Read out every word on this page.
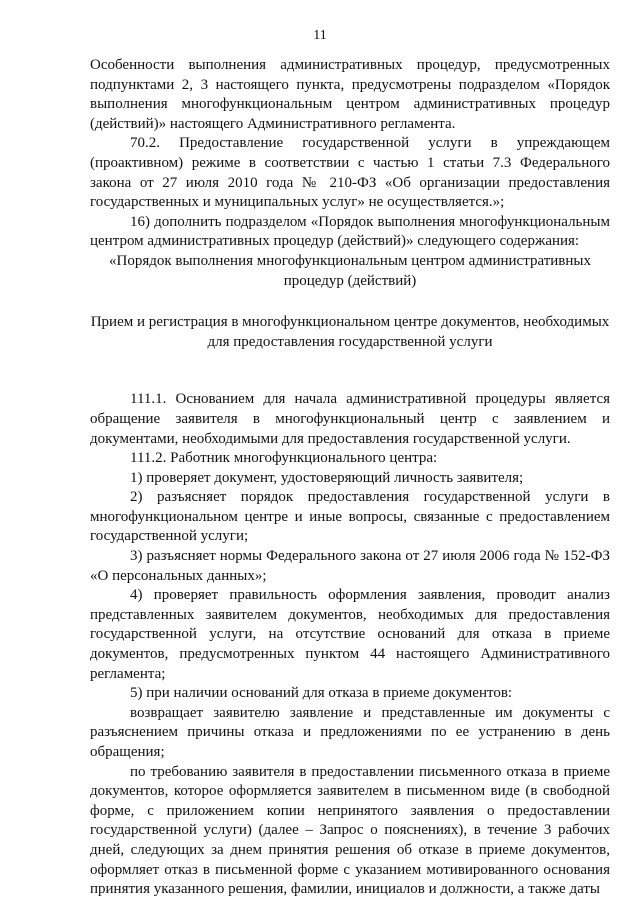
11

Особенности выполнения административных процедур, предусмотренных подпунктами 2, 3 настоящего пункта, предусмотрены подразделом «Порядок выполнения многофункциональным центром административных процедур (действий)» настоящего Административного регламента.

70.2. Предоставление государственной услуги в упреждающем (проактивном) режиме в соответствии с частью 1 статьи 7.3 Федерального закона от 27 июля 2010 года № 210-ФЗ «Об организации предоставления государственных и муниципальных услуг» не осуществляется.»;

16) дополнить подразделом «Порядок выполнения многофункциональным центром административных процедур (действий)» следующего содержания:

«Порядок выполнения многофункциональным центром административных процедур (действий)

Прием и регистрация в многофункциональном центре документов, необходимых для предоставления государственной услуги

111.1. Основанием для начала административной процедуры является обращение заявителя в многофункциональный центр с заявлением и документами, необходимыми для предоставления государственной услуги.

111.2. Работник многофункционального центра:

1) проверяет документ, удостоверяющий личность заявителя;

2) разъясняет порядок предоставления государственной услуги в многофункциональном центре и иные вопросы, связанные с предоставлением государственной услуги;

3) разъясняет нормы Федерального закона от 27 июля 2006 года № 152-ФЗ «О персональных данных»;

4) проверяет правильность оформления заявления, проводит анализ представленных заявителем документов, необходимых для предоставления государственной услуги, на отсутствие оснований для отказа в приеме документов, предусмотренных пунктом 44 настоящего Административного регламента;

5) при наличии оснований для отказа в приеме документов:

возвращает заявителю заявление и представленные им документы с разъяснением причины отказа и предложениями по ее устранению в день обращения;

по требованию заявителя в предоставлении письменного отказа в приеме документов, которое оформляется заявителем в письменном виде (в свободной форме, с приложением копии непринятого заявления о предоставлении государственной услуги) (далее – Запрос о пояснениях), в течение 3 рабочих дней, следующих за днем принятия решения об отказе в приеме документов, оформляет отказ в письменной форме с указанием мотивированного основания принятия указанного решения, фамилии, инициалов и должности, а также даты
